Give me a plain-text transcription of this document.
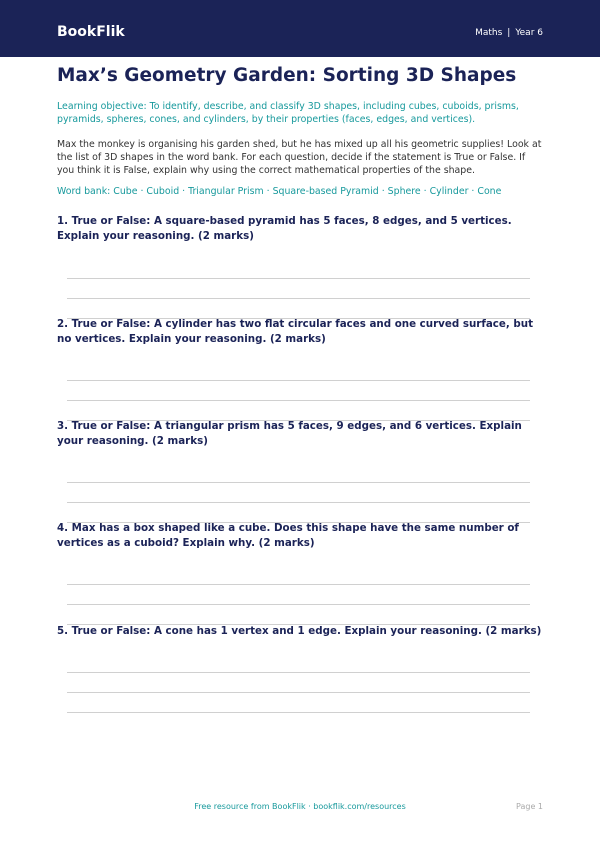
BookFlik	Maths | Year 6
Max’s Geometry Garden: Sorting 3D Shapes

Learning objective: To identify, describe, and classify 3D shapes, including cubes, cuboids, prisms, pyramids, spheres, cones, and cylinders, by their properties (faces, edges, and vertices).

Max the monkey is organising his garden shed, but he has mixed up all his geometric supplies! Look at the list of 3D shapes in the word bank. For each question, decide if the statement is True or False. If you think it is False, explain why using the correct mathematical properties of the shape.

Word bank: Cube · Cuboid · Triangular Prism · Square-based Pyramid · Sphere · Cylinder · Cone

1. True or False: A square-based pyramid has 5 faces, 8 edges, and 5 vertices. Explain your reasoning. (2 marks)

2. True or False: A cylinder has two flat circular faces and one curved surface, but no vertices. Explain your reasoning. (2 marks)

3. True or False: A triangular prism has 5 faces, 9 edges, and 6 vertices. Explain your reasoning. (2 marks)

4. Max has a box shaped like a cube. Does this shape have the same number of vertices as a cuboid? Explain why. (2 marks)

5. True or False: A cone has 1 vertex and 1 edge. Explain your reasoning. (2 marks)

Free resource from BookFlik · bookflik.com/resources	Page 1
